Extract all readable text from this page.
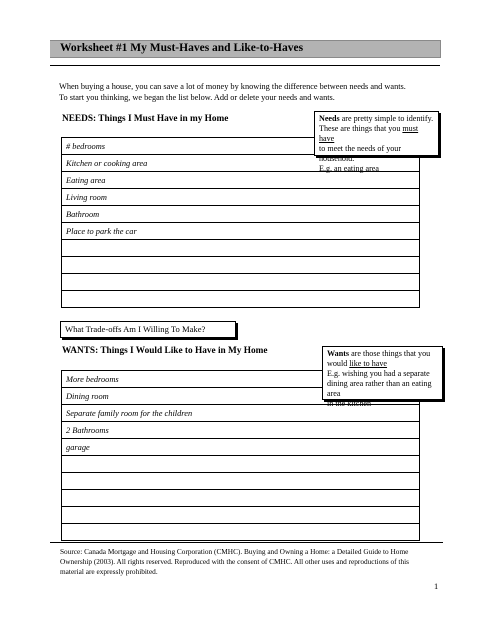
Worksheet #1 My Must-Haves and Like-to-Haves
When buying a house, you can save a lot of money by knowing the difference between needs and wants.
To start you thinking, we began the list below. Add or delete your needs and wants.
NEEDS: Things I Must Have in my Home
# bedrooms
Kitchen or cooking area
Eating area
Living room
Bathroom
Place to park the car
Needs are pretty simple to identify.
These are things that you must have
to meet the needs of your household.
E.g. an eating area
What Trade-offs Am I Willing To Make?
WANTS: Things I Would Like to Have in My Home
More bedrooms
Dining room
Separate family room for the children
2 Bathrooms
garage
Wants are those things that you
would like to have
E.g. wishing you had a separate
dining area rather than an eating area
in the kitchen
Source: Canada Mortgage and Housing Corporation (CMHC). Buying and Owning a Home: a Detailed Guide to Home Ownership (2003). All rights reserved. Reproduced with the consent of CMHC. All other uses and reproductions of this material are expressly prohibited.
1
